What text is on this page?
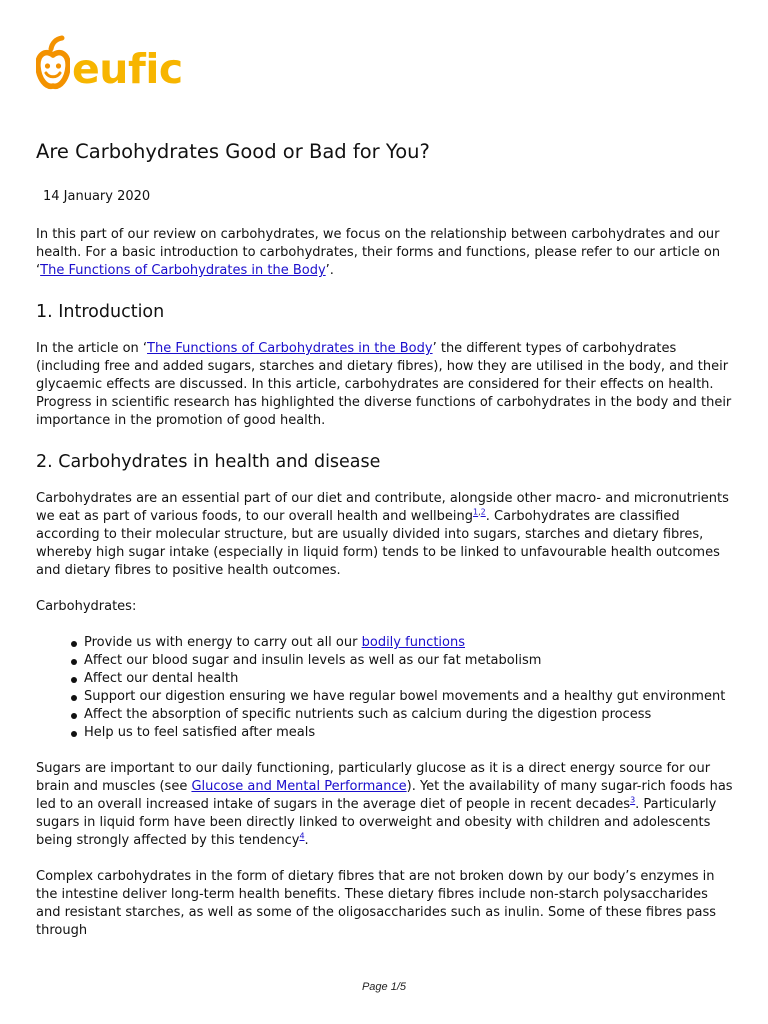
eufic
Are Carbohydrates Good or Bad for You?
14 January 2020

In this part of our review on carbohydrates, we focus on the relationship between carbohydrates and our health. For a basic introduction to carbohydrates, their forms and functions, please refer to our article on ‘The Functions of Carbohydrates in the Body’.

1. Introduction

In the article on ‘The Functions of Carbohydrates in the Body’ the different types of carbohydrates (including free and added sugars, starches and dietary fibres), how they are utilised in the body, and their glycaemic effects are discussed. In this article, carbohydrates are considered for their effects on health. Progress in scientific research has highlighted the diverse functions of carbohydrates in the body and their importance in the promotion of good health.

2. Carbohydrates in health and disease

Carbohydrates are an essential part of our diet and contribute, alongside other macro- and micronutrients we eat as part of various foods, to our overall health and wellbeing$^{1,2}$. Carbohydrates are classified according to their molecular structure, but are usually divided into sugars, starches and dietary fibres, whereby high sugar intake (especially in liquid form) tends to be linked to unfavourable health outcomes and dietary fibres to positive health outcomes.

Carbohydrates:

Provide us with energy to carry out all our bodily functions
Affect our blood sugar and insulin levels as well as our fat metabolism
Affect our dental health
Support our digestion ensuring we have regular bowel movements and a healthy gut environment
Affect the absorption of specific nutrients such as calcium during the digestion process
Help us to feel satisfied after meals

Sugars are important to our daily functioning, particularly glucose as it is a direct energy source for our brain and muscles (see Glucose and Mental Performance). Yet the availability of many sugar-rich foods has led to an overall increased intake of sugars in the average diet of people in recent decades$^3$. Particularly sugars in liquid form have been directly linked to overweight and obesity with children and adolescents being strongly affected by this tendency$^4$.

Complex carbohydrates in the form of dietary fibres that are not broken down by our body’s enzymes in the intestine deliver long-term health benefits. These dietary fibres include non-starch polysaccharides and resistant starches, as well as some of the oligosaccharides such as inulin. Some of these fibres pass through

Page 1/5
